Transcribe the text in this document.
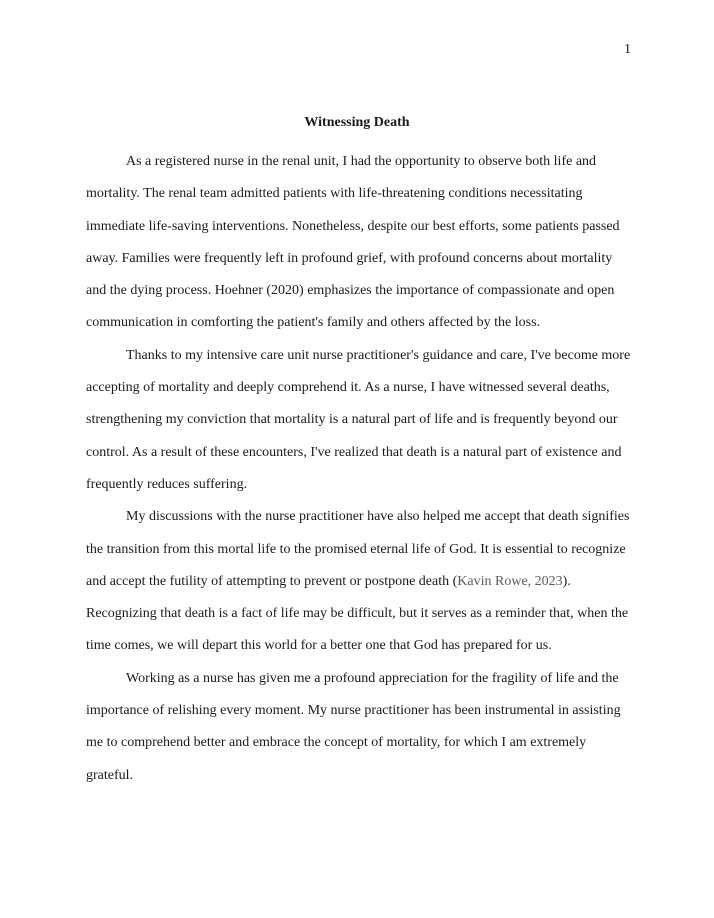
1
Witnessing Death

As a registered nurse in the renal unit, I had the opportunity to observe both life and mortality. The renal team admitted patients with life-threatening conditions necessitating immediate life-saving interventions. Nonetheless, despite our best efforts, some patients passed away. Families were frequently left in profound grief, with profound concerns about mortality and the dying process. Hoehner (2020) emphasizes the importance of compassionate and open communication in comforting the patient's family and others affected by the loss.

Thanks to my intensive care unit nurse practitioner's guidance and care, I've become more accepting of mortality and deeply comprehend it. As a nurse, I have witnessed several deaths, strengthening my conviction that mortality is a natural part of life and is frequently beyond our control. As a result of these encounters, I've realized that death is a natural part of existence and frequently reduces suffering.

My discussions with the nurse practitioner have also helped me accept that death signifies the transition from this mortal life to the promised eternal life of God. It is essential to recognize and accept the futility of attempting to prevent or postpone death (Kavin Rowe, 2023). Recognizing that death is a fact of life may be difficult, but it serves as a reminder that, when the time comes, we will depart this world for a better one that God has prepared for us.

Working as a nurse has given me a profound appreciation for the fragility of life and the importance of relishing every moment. My nurse practitioner has been instrumental in assisting me to comprehend better and embrace the concept of mortality, for which I am extremely grateful.
